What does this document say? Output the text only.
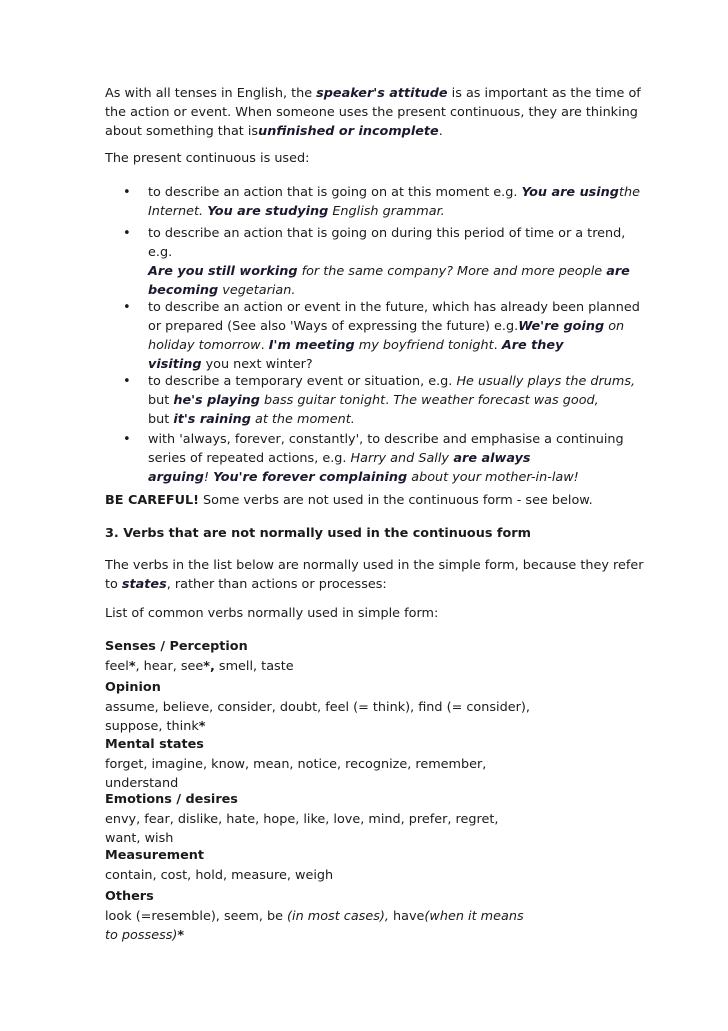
As with all tenses in English, the speaker's attitude is as important as the time of
the action or event. When someone uses the present continuous, they are thinking
about something that isunfinished or incomplete.

The present continuous is used:

• to describe an action that is going on at this moment e.g. You are usingthe
Internet. You are studying English grammar.
• to describe an action that is going on during this period of time or a trend,
e.g.
Are you still working for the same company? More and more people are
becoming vegetarian.
• to describe an action or event in the future, which has already been planned
or prepared (See also 'Ways of expressing the future) e.g.We're going on
holiday tomorrow. I'm meeting my boyfriend tonight. Are they
visiting you next winter?
• to describe a temporary event or situation, e.g. He usually plays the drums,
but he's playing bass guitar tonight. The weather forecast was good,
but it's raining at the moment.
• with 'always, forever, constantly', to describe and emphasise a continuing
series of repeated actions, e.g. Harry and Sally are always
arguing! You're forever complaining about your mother-in-law!

BE CAREFUL! Some verbs are not used in the continuous form - see below.

3. Verbs that are not normally used in the continuous form

The verbs in the list below are normally used in the simple form, because they refer
to states, rather than actions or processes:

List of common verbs normally used in simple form:

Senses / Perception

feel*, hear, see*, smell, taste

Opinion

assume, believe, consider, doubt, feel (= think), find (= consider),
suppose, think*

Mental states

forget, imagine, know, mean, notice, recognize, remember,
understand

Emotions / desires

envy, fear, dislike, hate, hope, like, love, mind, prefer, regret,
want, wish

Measurement

contain, cost, hold, measure, weigh

Others

look (=resemble), seem, be (in most cases), have(when it means
to possess)*
